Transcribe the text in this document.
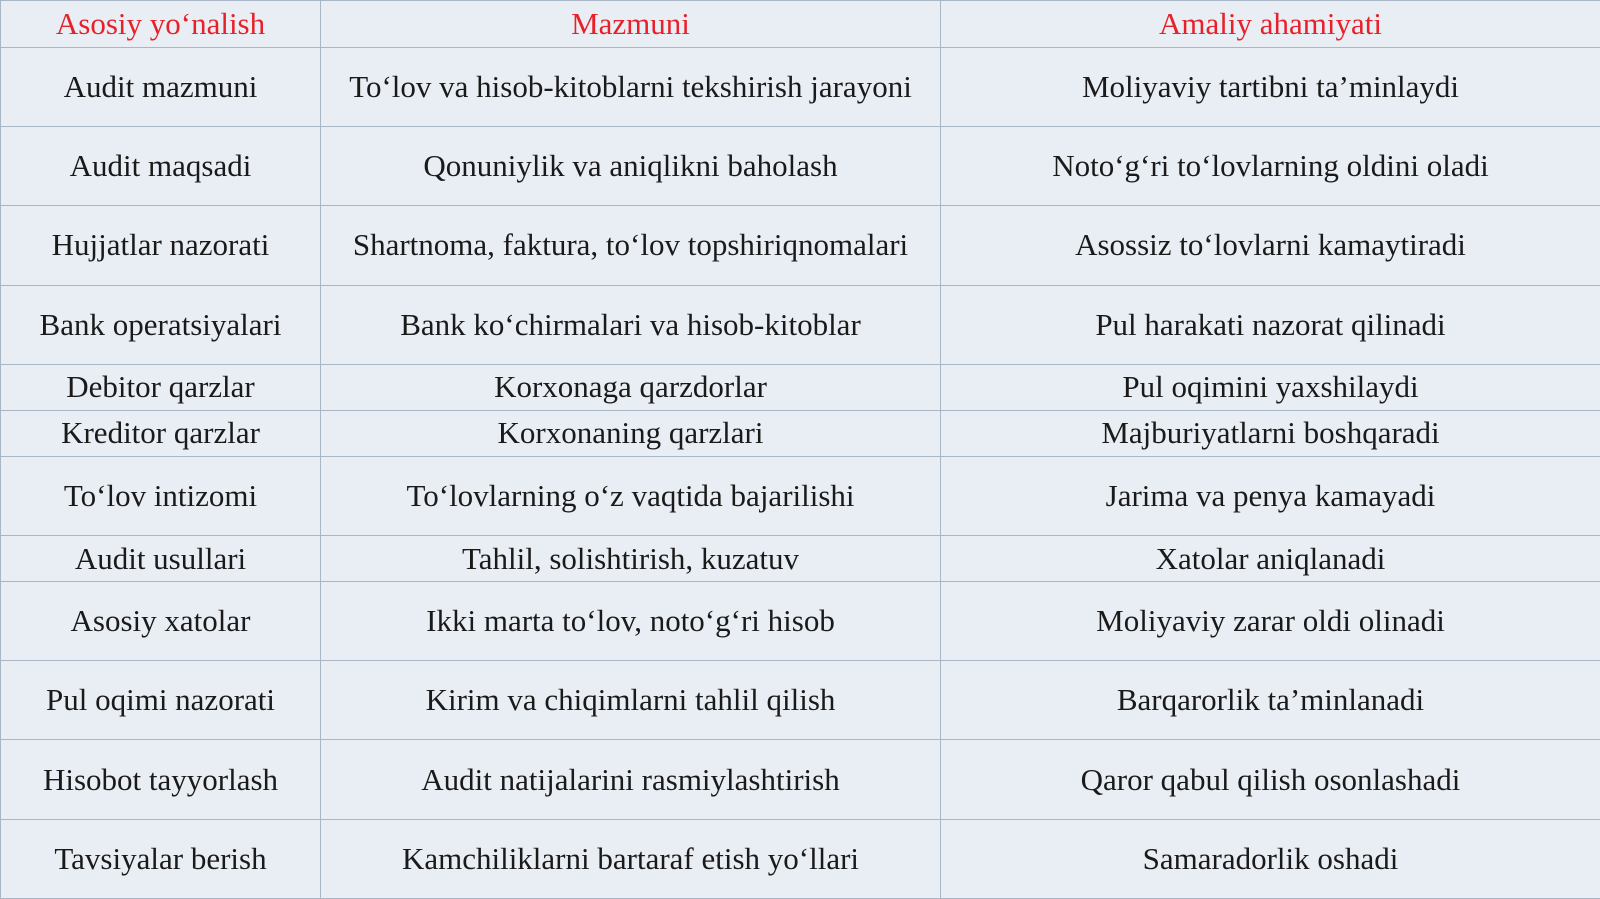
Asosiy yo‘nalish	Mazmuni	Amaliy ahamiyati
Audit mazmuni	To‘lov va hisob-kitoblarni tekshirish jarayoni	Moliyaviy tartibni ta’minlaydi
Audit maqsadi	Qonuniylik va aniqlikni baholash	Noto‘g‘ri to‘lovlarning oldini oladi
Hujjatlar nazorati	Shartnoma, faktura, to‘lov topshiriqnomalari	Asossiz to‘lovlarni kamaytiradi
Bank operatsiyalari	Bank ko‘chirmalari va hisob-kitoblar	Pul harakati nazorat qilinadi
Debitor qarzlar	Korxonaga qarzdorlar	Pul oqimini yaxshilaydi
Kreditor qarzlar	Korxonaning qarzlari	Majburiyatlarni boshqaradi
To‘lov intizomi	To‘lovlarning o‘z vaqtida bajarilishi	Jarima va penya kamayadi
Audit usullari	Tahlil, solishtirish, kuzatuv	Xatolar aniqlanadi
Asosiy xatolar	Ikki marta to‘lov, noto‘g‘ri hisob	Moliyaviy zarar oldi olinadi
Pul oqimi nazorati	Kirim va chiqimlarni tahlil qilish	Barqarorlik ta’minlanadi
Hisobot tayyorlash	Audit natijalarini rasmiylashtirish	Qaror qabul qilish osonlashadi
Tavsiyalar berish	Kamchiliklarni bartaraf etish yo‘llari	Samaradorlik oshadi
